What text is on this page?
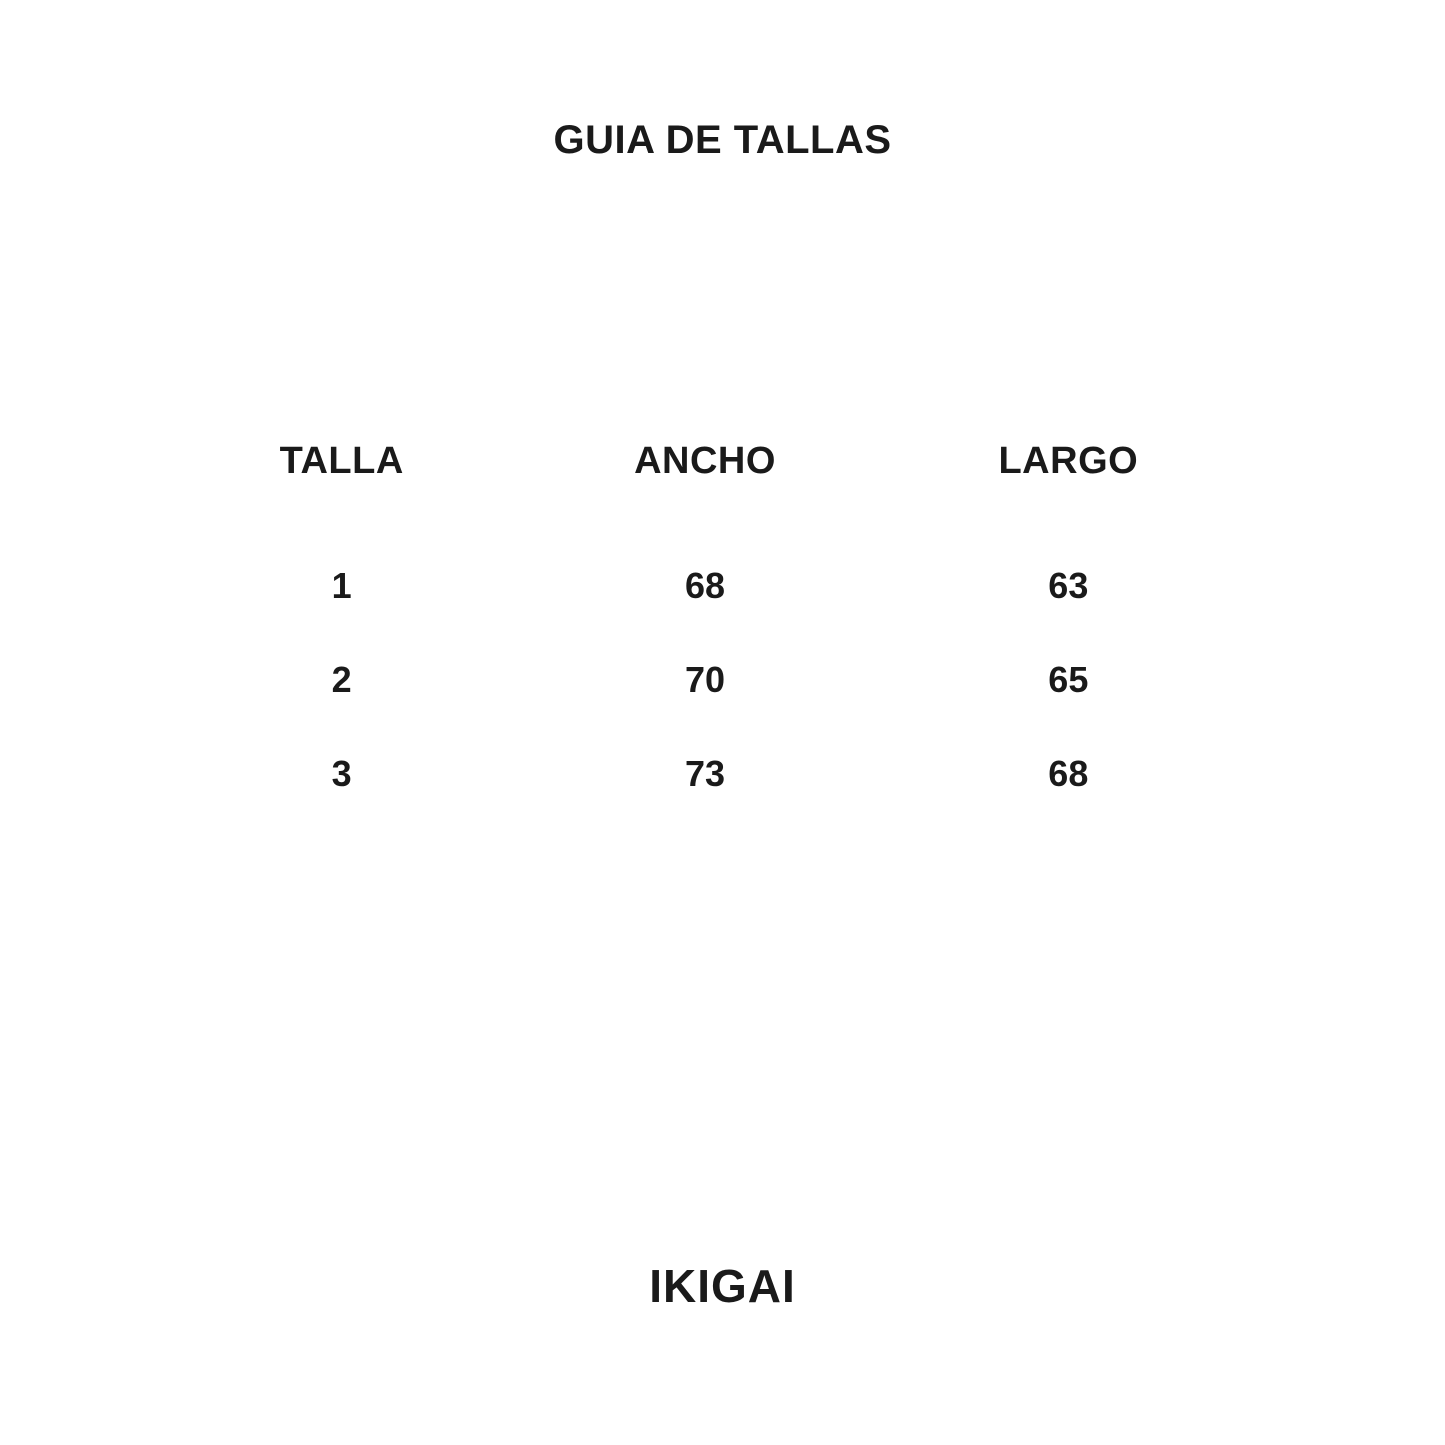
GUIA DE TALLAS
TALLA	ANCHO	LARGO
1	68	63
2	70	65
3	73	68
IKIGAI
